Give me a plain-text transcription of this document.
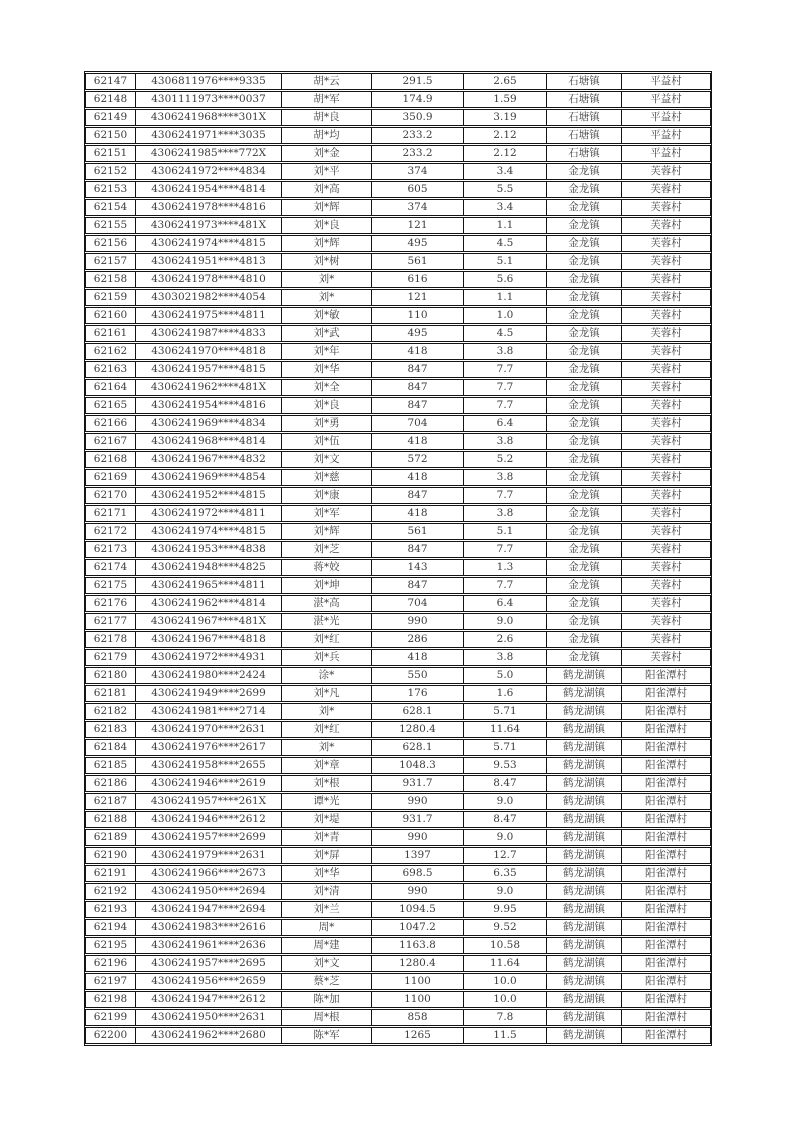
62147	4306811976****9335	胡*云	291.5	2.65	石塘镇	平益村
62148	4301111973****0037	胡*军	174.9	1.59	石塘镇	平益村
62149	4306241968****301X	胡*良	350.9	3.19	石塘镇	平益村
62150	4306241971****3035	胡*均	233.2	2.12	石塘镇	平益村
62151	4306241985****772X	刘*金	233.2	2.12	石塘镇	平益村
62152	4306241972****4834	刘*平	374	3.4	金龙镇	芙蓉村
62153	4306241954****4814	刘*高	605	5.5	金龙镇	芙蓉村
62154	4306241978****4816	刘*辉	374	3.4	金龙镇	芙蓉村
62155	4306241973****481X	刘*良	121	1.1	金龙镇	芙蓉村
62156	4306241974****4815	刘*辉	495	4.5	金龙镇	芙蓉村
62157	4306241951****4813	刘*树	561	5.1	金龙镇	芙蓉村
62158	4306241978****4810	刘*	616	5.6	金龙镇	芙蓉村
62159	4303021982****4054	刘*	121	1.1	金龙镇	芙蓉村
62160	4306241975****4811	刘*敏	110	1.0	金龙镇	芙蓉村
62161	4306241987****4833	刘*武	495	4.5	金龙镇	芙蓉村
62162	4306241970****4818	刘*年	418	3.8	金龙镇	芙蓉村
62163	4306241957****4815	刘*华	847	7.7	金龙镇	芙蓉村
62164	4306241962****481X	刘*全	847	7.7	金龙镇	芙蓉村
62165	4306241954****4816	刘*良	847	7.7	金龙镇	芙蓉村
62166	4306241969****4834	刘*勇	704	6.4	金龙镇	芙蓉村
62167	4306241968****4814	刘*伍	418	3.8	金龙镇	芙蓉村
62168	4306241967****4832	刘*文	572	5.2	金龙镇	芙蓉村
62169	4306241969****4854	刘*慈	418	3.8	金龙镇	芙蓉村
62170	4306241952****4815	刘*康	847	7.7	金龙镇	芙蓉村
62171	4306241972****4811	刘*军	418	3.8	金龙镇	芙蓉村
62172	4306241974****4815	刘*辉	561	5.1	金龙镇	芙蓉村
62173	4306241953****4838	刘*芝	847	7.7	金龙镇	芙蓉村
62174	4306241948****4825	蒋*姣	143	1.3	金龙镇	芙蓉村
62175	4306241965****4811	刘*坤	847	7.7	金龙镇	芙蓉村
62176	4306241962****4814	湛*高	704	6.4	金龙镇	芙蓉村
62177	4306241967****481X	湛*光	990	9.0	金龙镇	芙蓉村
62178	4306241967****4818	刘*红	286	2.6	金龙镇	芙蓉村
62179	4306241972****4931	刘*兵	418	3.8	金龙镇	芙蓉村
62180	4306241980****2424	涂*	550	5.0	鹤龙湖镇	阳雀潭村
62181	4306241949****2699	刘*凡	176	1.6	鹤龙湖镇	阳雀潭村
62182	4306241981****2714	刘*	628.1	5.71	鹤龙湖镇	阳雀潭村
62183	4306241970****2631	刘*红	1280.4	11.64	鹤龙湖镇	阳雀潭村
62184	4306241976****2617	刘*	628.1	5.71	鹤龙湖镇	阳雀潭村
62185	4306241958****2655	刘*章	1048.3	9.53	鹤龙湖镇	阳雀潭村
62186	4306241946****2619	刘*根	931.7	8.47	鹤龙湖镇	阳雀潭村
62187	4306241957****261X	谭*光	990	9.0	鹤龙湖镇	阳雀潭村
62188	4306241946****2612	刘*堤	931.7	8.47	鹤龙湖镇	阳雀潭村
62189	4306241957****2699	刘*青	990	9.0	鹤龙湖镇	阳雀潭村
62190	4306241979****2631	刘*屏	1397	12.7	鹤龙湖镇	阳雀潭村
62191	4306241966****2673	刘*华	698.5	6.35	鹤龙湖镇	阳雀潭村
62192	4306241950****2694	刘*清	990	9.0	鹤龙湖镇	阳雀潭村
62193	4306241947****2694	刘*兰	1094.5	9.95	鹤龙湖镇	阳雀潭村
62194	4306241983****2616	周*	1047.2	9.52	鹤龙湖镇	阳雀潭村
62195	4306241961****2636	周*建	1163.8	10.58	鹤龙湖镇	阳雀潭村
62196	4306241957****2695	刘*文	1280.4	11.64	鹤龙湖镇	阳雀潭村
62197	4306241956****2659	蔡*芝	1100	10.0	鹤龙湖镇	阳雀潭村
62198	4306241947****2612	陈*加	1100	10.0	鹤龙湖镇	阳雀潭村
62199	4306241950****2631	周*根	858	7.8	鹤龙湖镇	阳雀潭村
62200	4306241962****2680	陈*军	1265	11.5	鹤龙湖镇	阳雀潭村
